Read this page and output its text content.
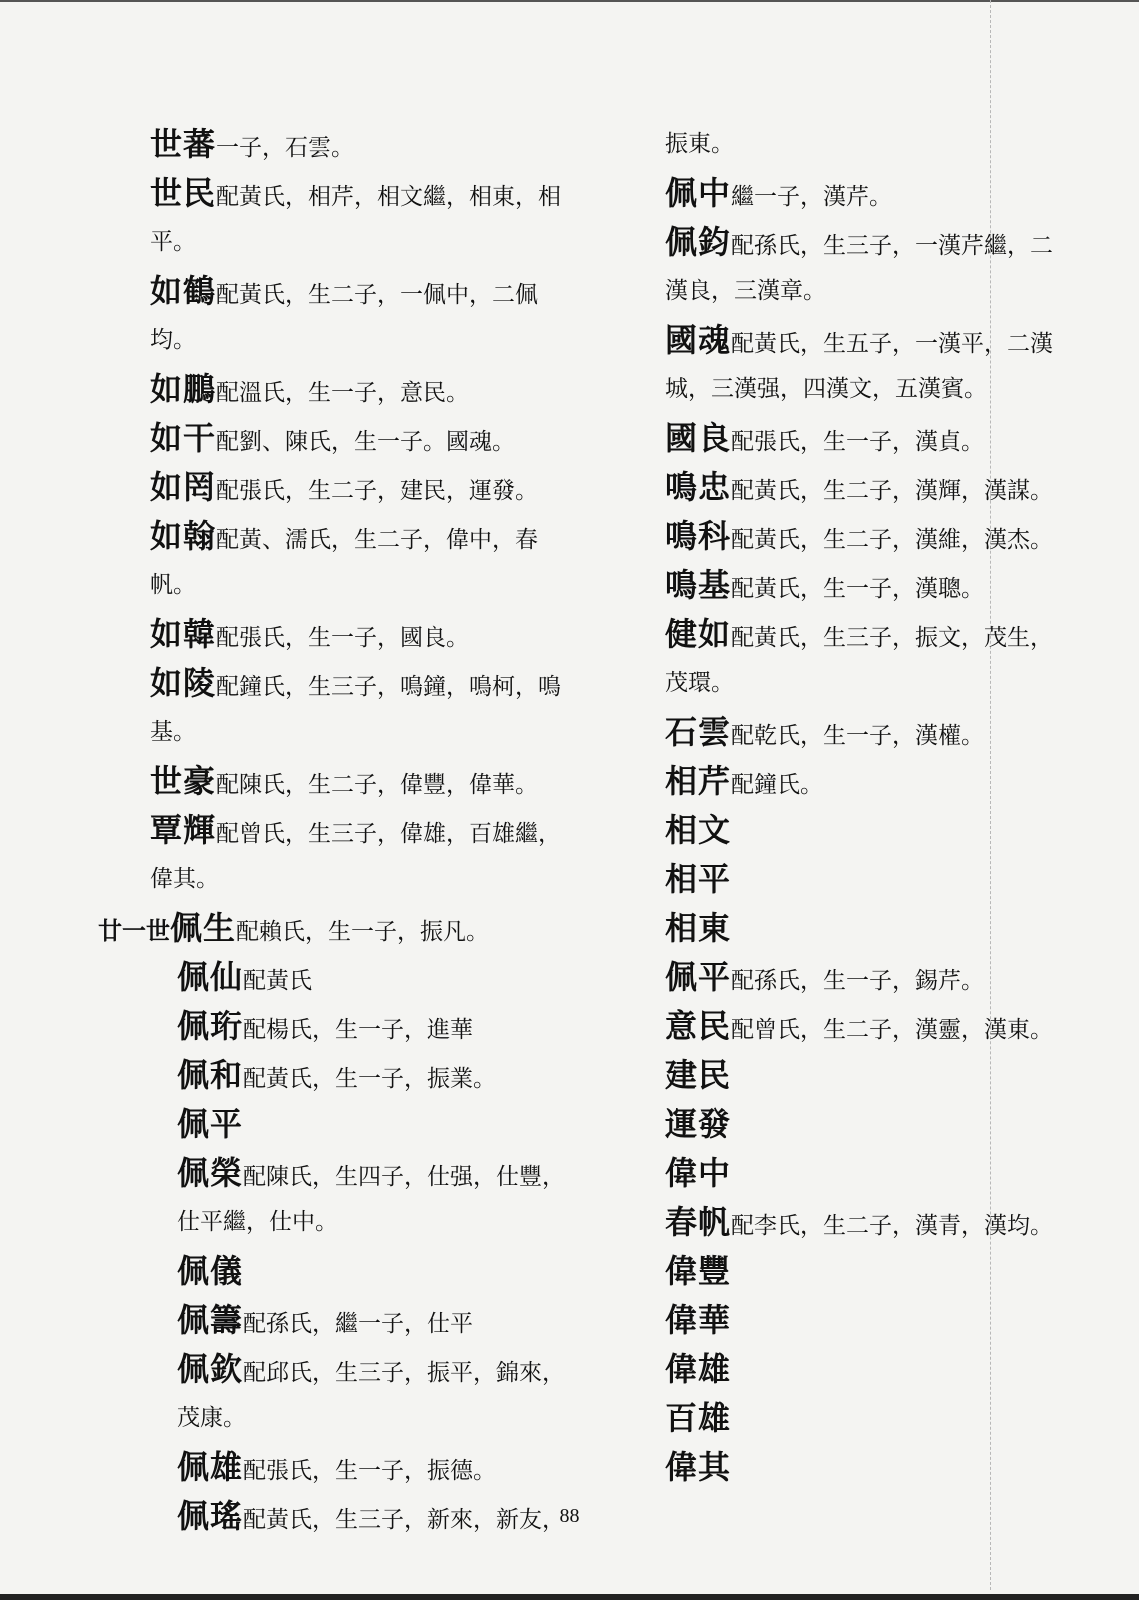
世蕃一子，石雲。
世民配黃氏，相芹，相文繼，相東，相
平。
如鶴配黃氏，生二子，一佩中，二佩
均。
如鵬配溫氏，生一子，意民。
如干配劉、陳氏，生一子。國魂。
如罔配張氏，生二子，建民，運發。
如翰配黃、濡氏，生二子，偉中，春
帆。
如韓配張氏，生一子，國良。
如陵配鐘氏，生三子，鳴鐘，鳴柯，鳴
基。
世豪配陳氏，生二子，偉豐，偉華。
覃輝配曾氏，生三子，偉雄，百雄繼，
偉其。
廿一世佩生配賴氏，生一子，振凡。
佩仙配黃氏
佩珩配楊氏，生一子，進華
佩和配黃氏，生一子，振業。
佩平
佩榮配陳氏，生四子，仕强，仕豐，
仕平繼，仕中。
佩儀
佩籌配孫氏，繼一子，仕平
佩欽配邱氏，生三子，振平，錦來，
茂康。
佩雄配張氏，生一子，振德。
佩瑤配黃氏，生三子，新來，新友，
振東。
佩中繼一子，漢芹。
佩鈞配孫氏，生三子，一漢芹繼，二
漢良，三漢章。
國魂配黃氏，生五子，一漢平，二漢
城，三漢强，四漢文，五漢賓。
國良配張氏，生一子，漢貞。
鳴忠配黃氏，生二子，漢輝，漢謀。
鳴科配黃氏，生二子，漢維，漢杰。
鳴基配黃氏，生一子，漢聰。
健如配黃氏，生三子，振文，茂生，
茂環。
石雲配乾氏，生一子，漢權。
相芹配鐘氏。
相文
相平
相東
佩平配孫氏，生一子，錫芹。
意民配曾氏，生二子，漢靈，漢東。
建民
運發
偉中
春帆配李氏，生二子，漢青，漢均。
偉豐
偉華
偉雄
百雄
偉其
88
